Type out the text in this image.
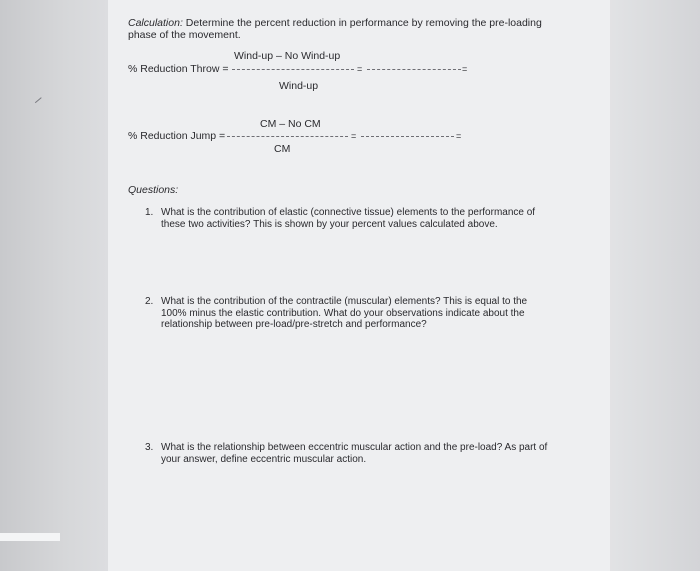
Calculation: Determine the percent reduction in performance by removing the pre-loading
phase of the movement.
Wind-up – No Wind-up
% Reduction Throw =	=	=
Wind-up
CM – No CM
% Reduction Jump =	=	=
CM
Questions:
1. What is the contribution of elastic (connective tissue) elements to the performance of these two activities? This is shown by your percent values calculated above.
2. What is the contribution of the contractile (muscular) elements? This is equal to the 100% minus the elastic contribution. What do your observations indicate about the relationship between pre-load/pre-stretch and performance?
3. What is the relationship between eccentric muscular action and the pre-load? As part of your answer, define eccentric muscular action.
